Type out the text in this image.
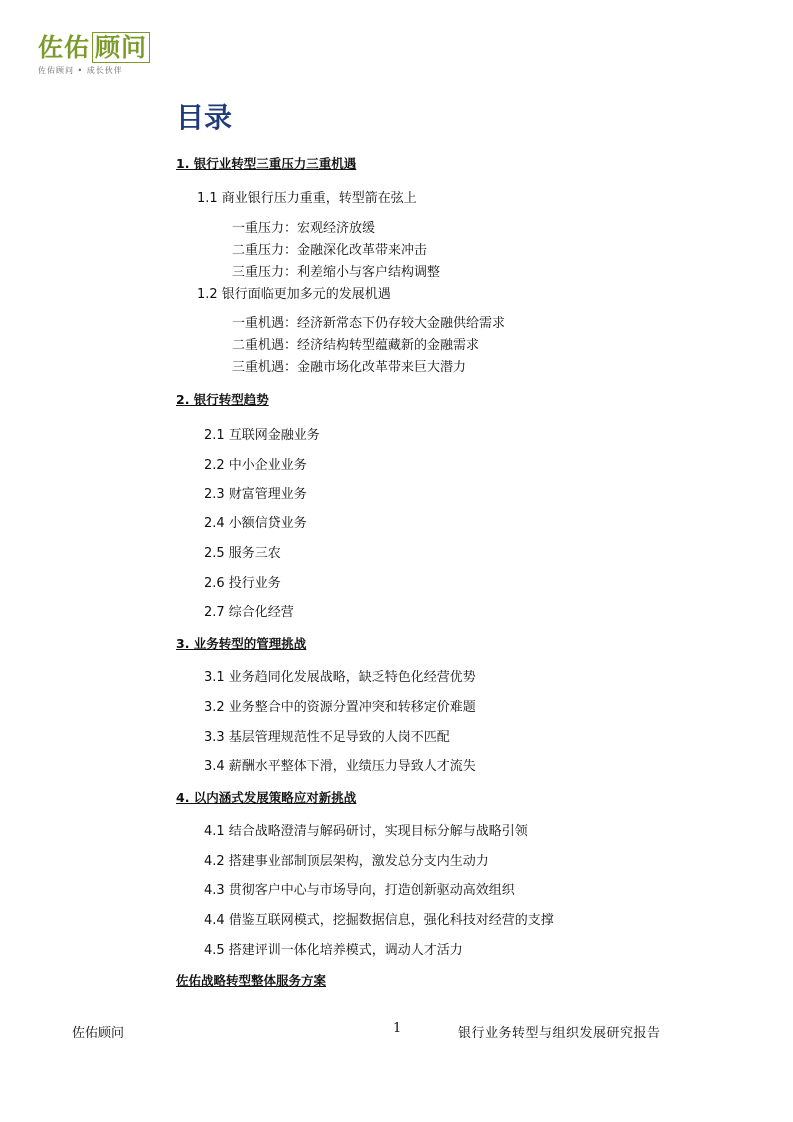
佐佑 顾问
佐佑顾问 • 成长伙伴
目录
1. 银行业转型三重压力三重机遇
1.1 商业银行压力重重，转型箭在弦上
一重压力：宏观经济放缓
二重压力：金融深化改革带来冲击
三重压力：利差缩小与客户结构调整
1.2 银行面临更加多元的发展机遇
一重机遇：经济新常态下仍存较大金融供给需求
二重机遇：经济结构转型蕴藏新的金融需求
三重机遇：金融市场化改革带来巨大潜力
2. 银行转型趋势
2.1 互联网金融业务
2.2 中小企业业务
2.3 财富管理业务
2.4 小额信贷业务
2.5 服务三农
2.6 投行业务
2.7 综合化经营
3. 业务转型的管理挑战
3.1 业务趋同化发展战略，缺乏特色化经营优势
3.2 业务整合中的资源分置冲突和转移定价难题
3.3 基层管理规范性不足导致的人岗不匹配
3.4 薪酬水平整体下滑，业绩压力导致人才流失
4. 以内涵式发展策略应对新挑战
4.1 结合战略澄清与解码研讨，实现目标分解与战略引领
4.2 搭建事业部制顶层架构，激发总分支内生动力
4.3 贯彻客户中心与市场导向，打造创新驱动高效组织
4.4 借鉴互联网模式，挖掘数据信息，强化科技对经营的支撑
4.5 搭建评训一体化培养模式，调动人才活力
佐佑战略转型整体服务方案
佐佑顾问	1	银行业务转型与组织发展研究报告
